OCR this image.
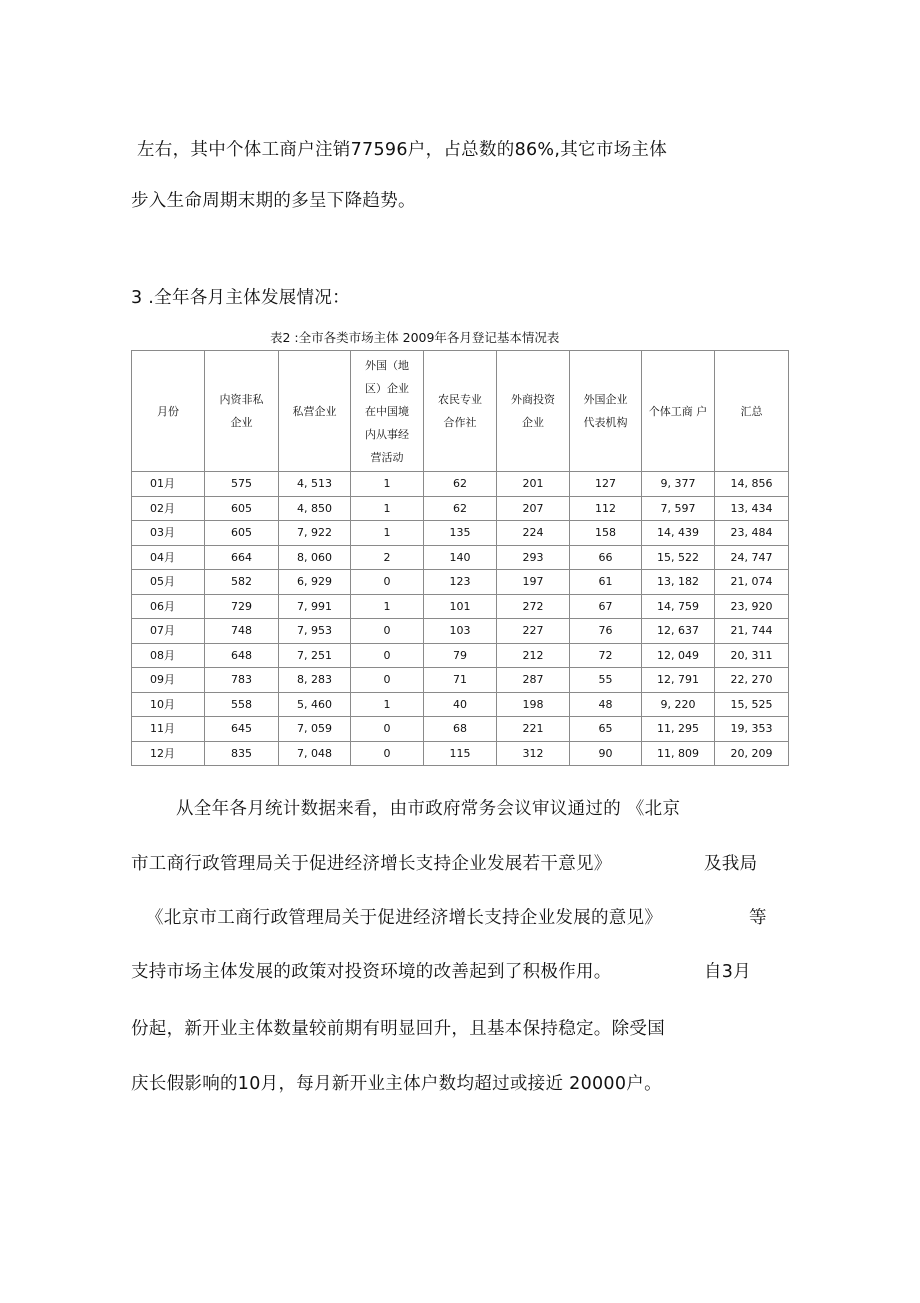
左右，其中个体工商户注销77596户，占总数的86%,其它市场主体
步入生命周期末期的多呈下降趋势。
3 .全年各月主体发展情况：
表2 :全市各类市场主体 2009年各月登记基本情况表
月份	内资非私企业	私营企业	外国（地区）企业在中国境内从事经营活动	农民专业合作社	外商投资企业	外国企业代表机构	个体工商 户	汇总

01月	575	4, 513	1	62	201	127	9, 377	14, 856
02月	605	4, 850	1	62	207	112	7, 597	13, 434
03月	605	7, 922	1	135	224	158	14, 439	23, 484
04月	664	8, 060	2	140	293	66	15, 522	24, 747
05月	582	6, 929	0	123	197	61	13, 182	21, 074
06月	729	7, 991	1	101	272	67	14, 759	23, 920
07月	748	7, 953	0	103	227	76	12, 637	21, 744
08月	648	7, 251	0	79	212	72	12, 049	20, 311
09月	783	8, 283	0	71	287	55	12, 791	22, 270
10月	558	5, 460	1	40	198	48	9, 220	15, 525
11月	645	7, 059	0	68	221	65	11, 295	19, 353
12月	835	7, 048	0	115	312	90	11, 809	20, 209
从全年各月统计数据来看，由市政府常务会议审议通过的 《北京
市工商行政管理局关于促进经济增长支持企业发展若干意见》	及我局
《北京市工商行政管理局关于促进经济增长支持企业发展的意见》	等
支持市场主体发展的政策对投资环境的改善起到了积极作用。	自3月
份起，新开业主体数量较前期有明显回升，且基本保持稳定。除受国
庆长假影响的10月，每月新开业主体户数均超过或接近 20000户。
